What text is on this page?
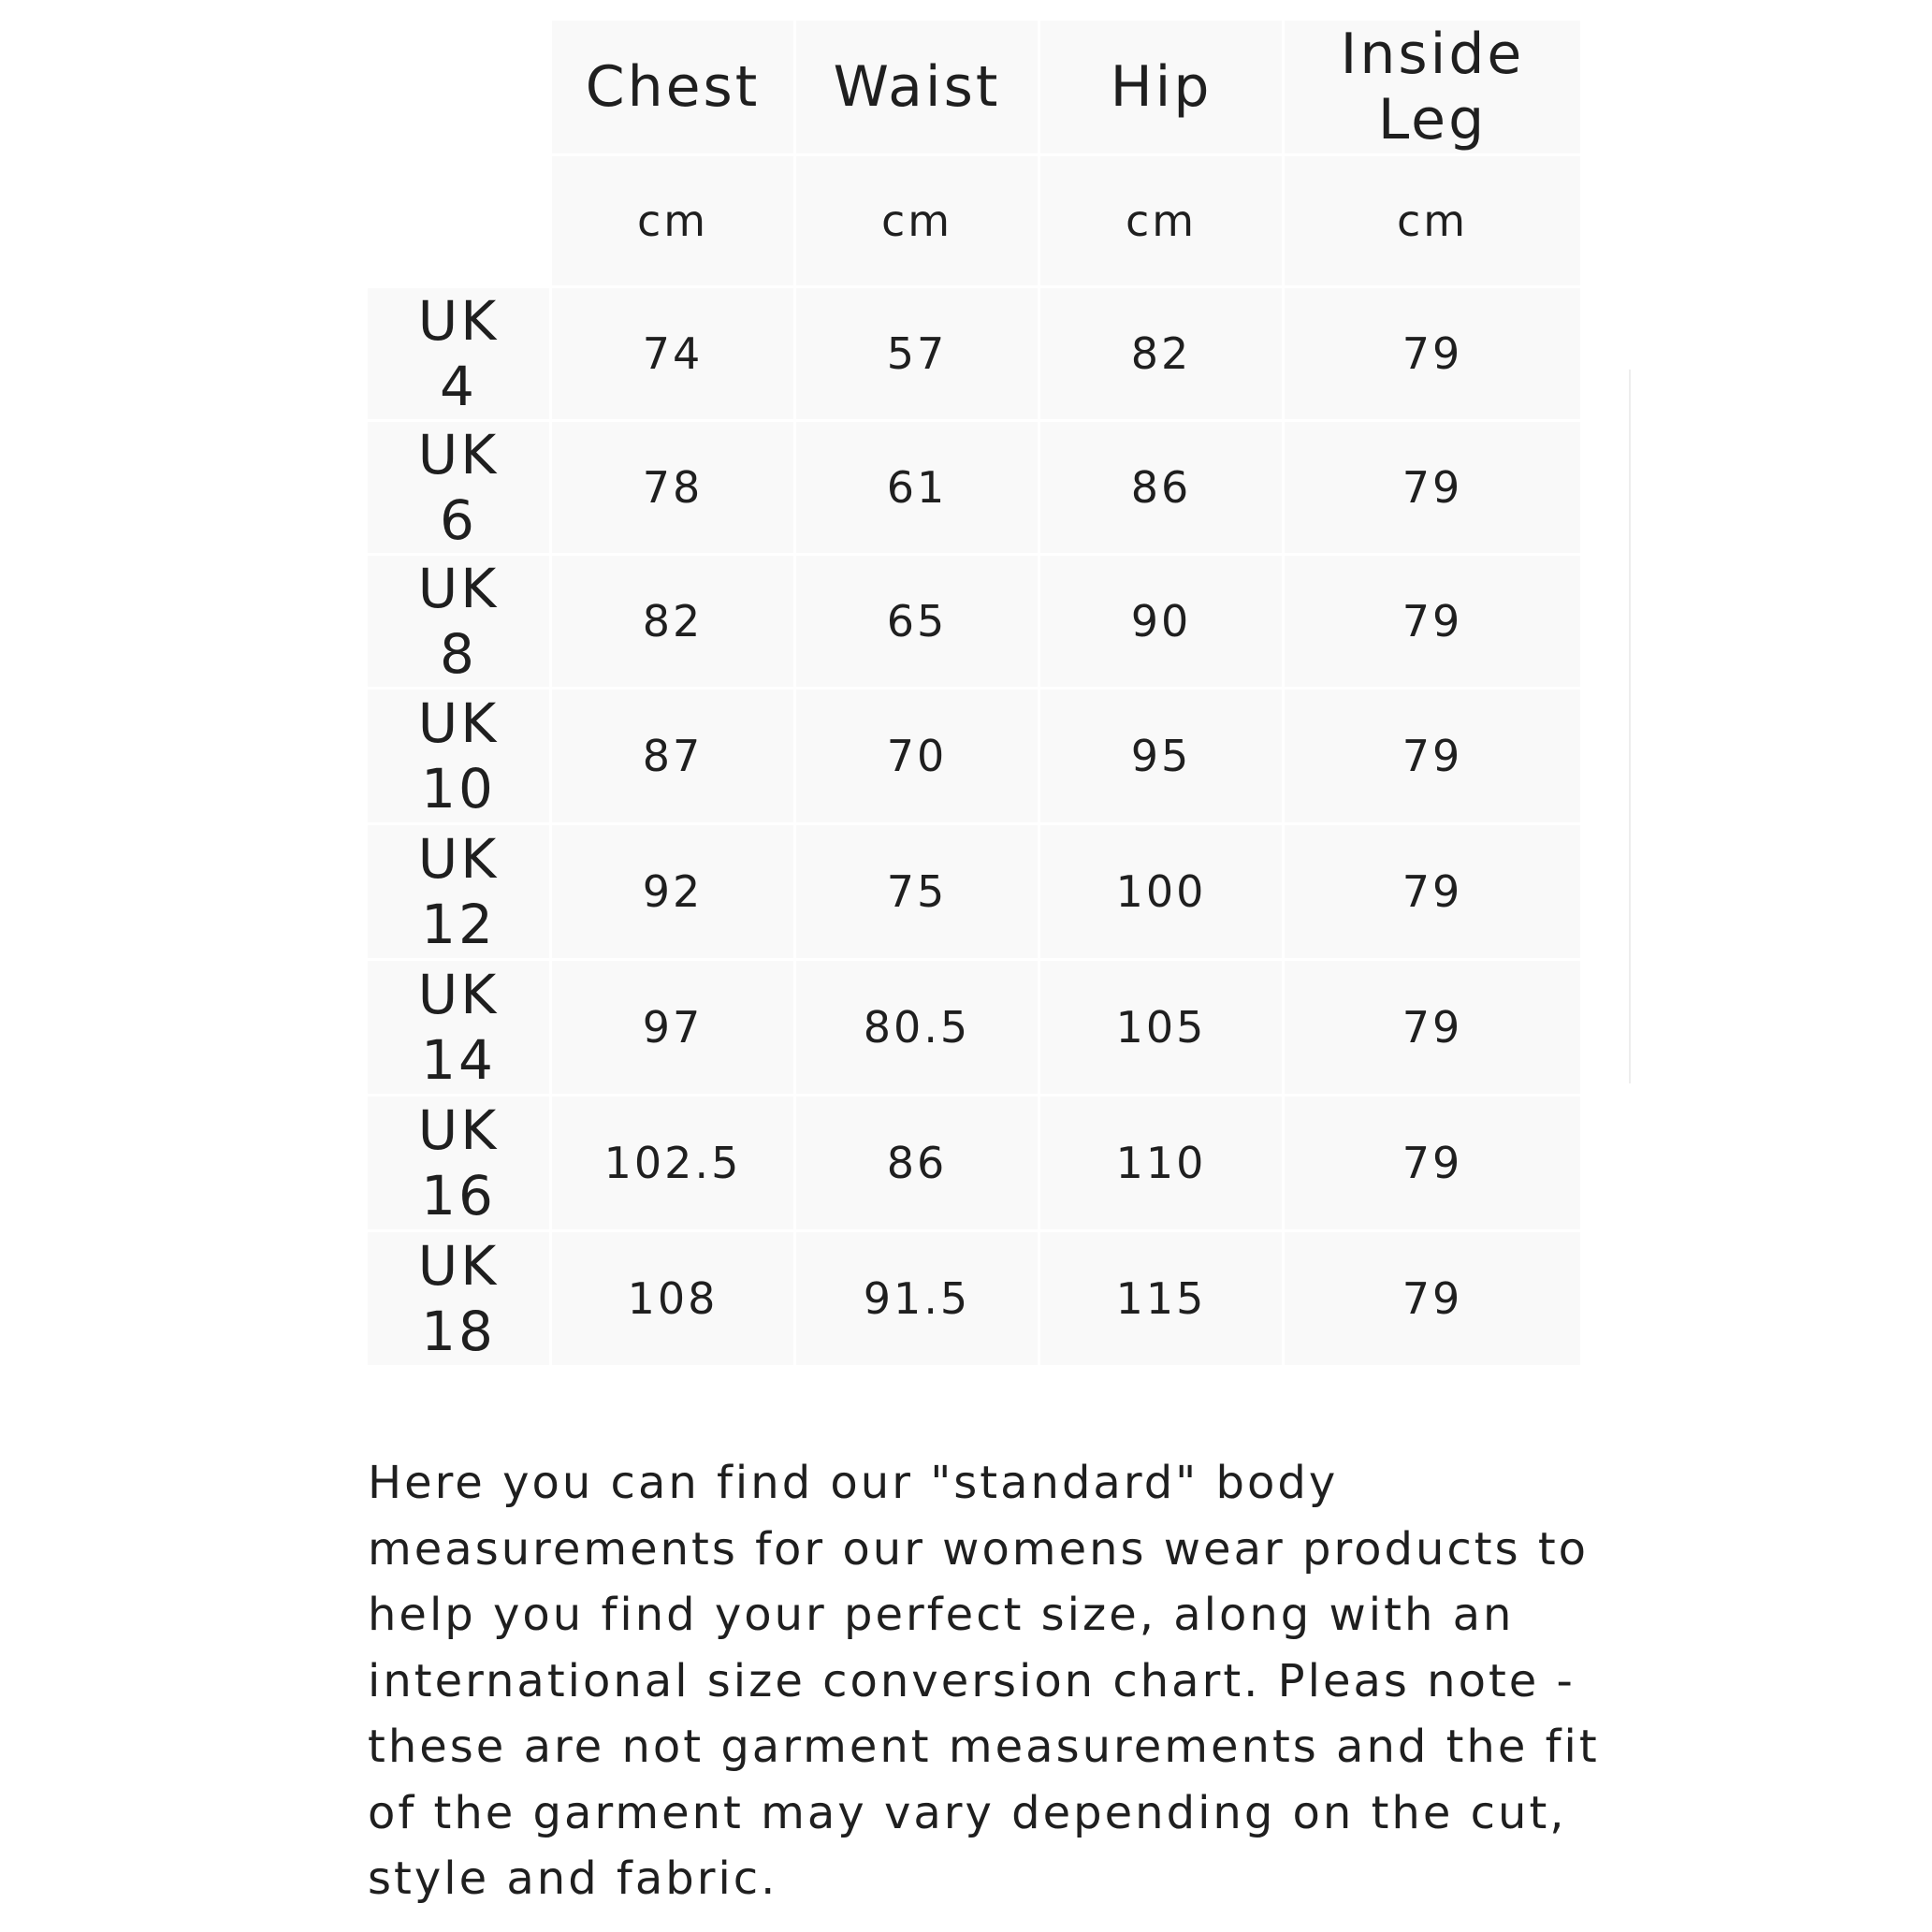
	Chest	Waist	Hip	Inside Leg
	cm	cm	cm	cm
UK 4	74	57	82	79
UK 6	78	61	86	79
UK 8	82	65	90	79
UK 10	87	70	95	79
UK 12	92	75	100	79
UK 14	97	80.5	105	79
UK 16	102.5	86	110	79
UK 18	108	91.5	115	79

Here you can find our "standard" body measurements for our womens wear products to help you find your perfect size, along with an international size conversion chart. Pleas note - these are not garment measurements and the fit of the garment may vary depending on the cut, style and fabric.
